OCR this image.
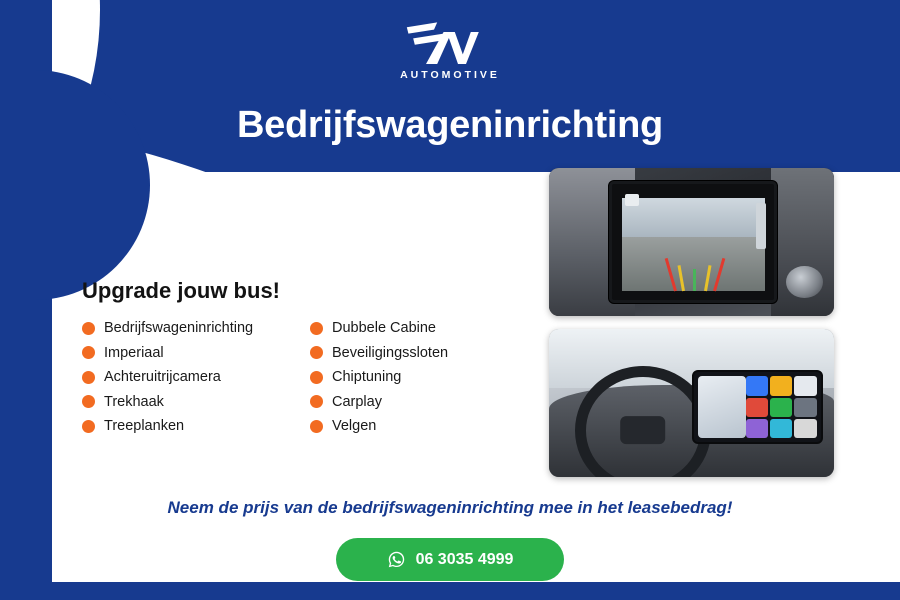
AUTOMOTIVE
Bedrijfswageninrichting
Upgrade jouw bus!
Bedrijfswageninrichting
Imperiaal
Achteruitrijcamera
Trekhaak
Treeplanken
Dubbele Cabine
Beveiligingssloten
Chiptuning
Carplay
Velgen
Neem de prijs van de bedrijfswageninrichting mee in het leasebedrag!
06 3035 4999
